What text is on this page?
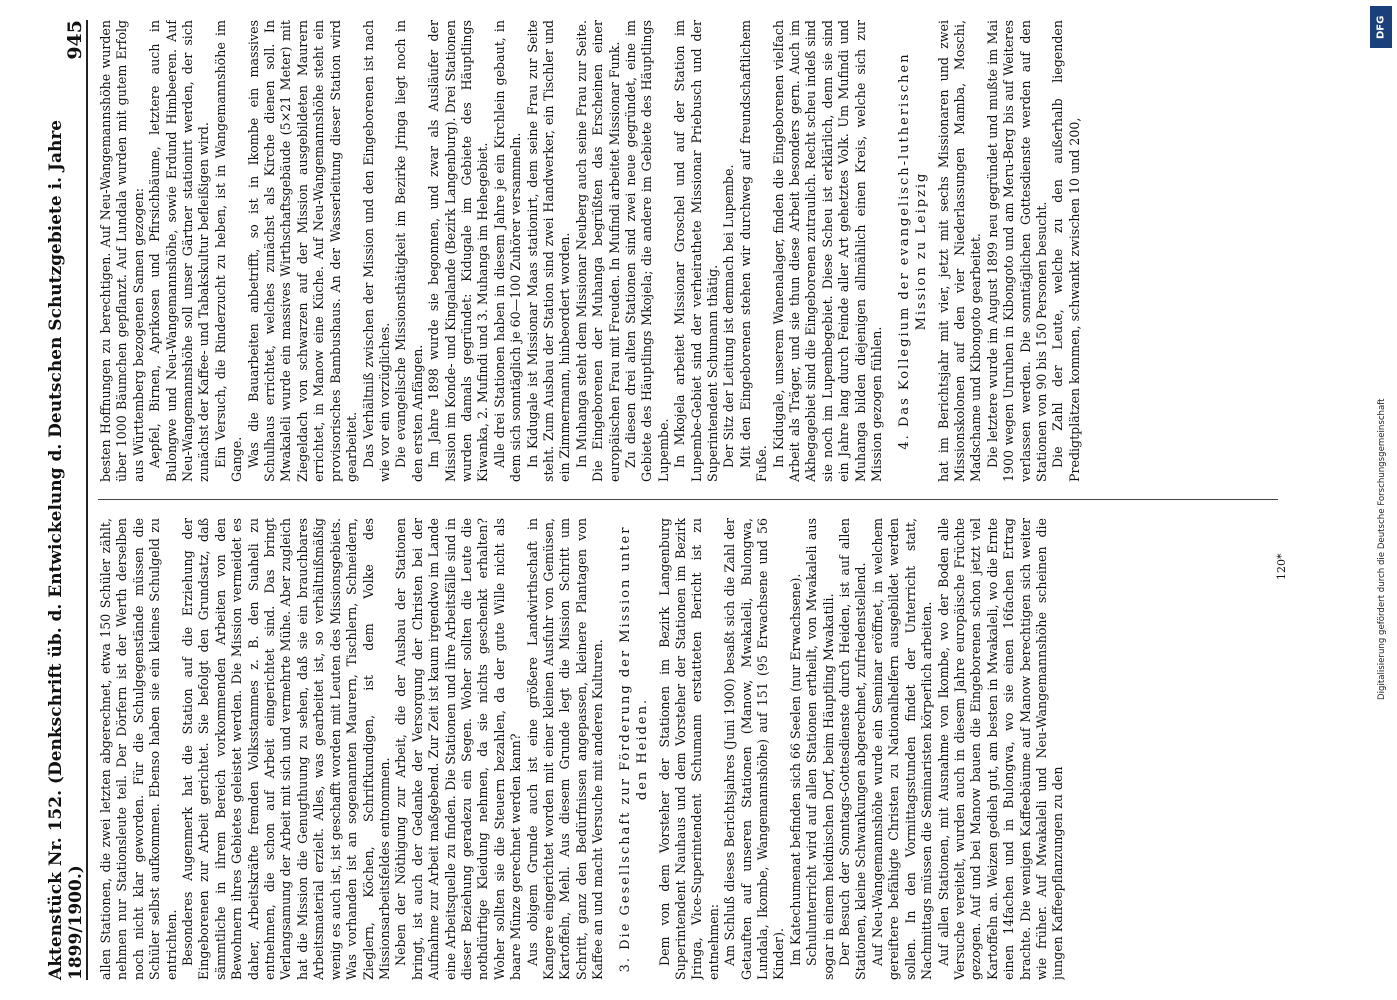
Aktenstück Nr. 152. (Denkschrift üb. d. Entwickelung d. Deutschen Schutzgebiete i. Jahre 1899/1900.)
945

allen Stationen, die zwei letzten abgerechnet, etwa 150 Schüler zählt, nehmen nur Stationsleute teil. Der Dörfern ist der Werth derselben noch nicht klar geworden. Für die Schulgegenstände müssen die Schüler selbst aufkommen. Ebenso haben sie ein kleines Schulgeld zu entrichten. Besonderes Augenmerk hat die Station auf die Erziehung der Eingeborenen zur Arbeit gerichtet. Sie befolgt den Grundsatz, daß sämmtliche in ihrem Bereich vorkommenden Arbeiten von den Bewohnern ihres Gebietes geleistet werden. Die Mission vermeidet es daher, Arbeitskräfte fremden Volksstammes z. B. den Suaheli zu entnehmen, die schon auf Arbeit eingerichtet sind. Das bringt Verlangsamung der Arbeit mit sich und vermehrte Mühe. Aber zugleich hat die Mission die Genugthuung zu sehen, daß sie ein brauchbares Arbeitsmaterial erzielt. Alles, was gearbeitet ist, so verhältnißmäßig wenig es auch ist, ist geschafft worden mit Leuten des Missionsgebiets. Was vorhanden ist an sogenannten Maurern, Tischlern, Schneidern, Zieglern, Köchen, Schriftkundigen, ist dem Volke des Missionsarbeitsfeldes entnommen. Neben der Nöthigung zur Arbeit, die der Ausbau der Stationen bringt, ist auch der Gedanke der Versorgung der Christen bei der Aufnahme zur Arbeit maßgebend. Zur Zeit ist kaum irgendwo im Lande eine Arbeitsquelle zu finden. Die Stationen und ihre Arbeitsfälle sind in dieser Beziehung geradezu ein Segen. Woher sollten die Leute die nothdürftige Kleidung nehmen, da sie nichts geschenkt erhalten? Woher sollten sie die Steuern bezahlen, da der gute Wille nicht als baare Münze gerechnet werden kann? Aus obigem Grunde auch ist eine größere Landwirthschaft in Kangere eingerichtet worden mit einer kleinen Ausfuhr von Gemüsen, Kartoffeln, Mehl. Aus diesem Grunde legt die Mission Schritt um Schritt, ganz den Bedürfnissen angepassen, kleinere Plantagen von Kaffee an und macht Versuche mit anderen Kulturen. 3. Die Gesellschaft zur Förderung der Mission unter den Heiden. Dem von dem Vorsteher der Stationen im Bezirk Langenburg Superintendent Nauhaus und dem Vorsteher der Stationen im Bezirk Jringa, Vice-Superintendent Schumann erstatteten Bericht ist zu entnehmen: Am Schluß dieses Berichtsjahres (Juni 1900) besaßt sich die Zahl der Getauften auf unseren Stationen (Manow, Mwakaleli, Bulongwa, Lundala, Ikombe, Wangemannshöhe) auf 151 (95 Erwachsene und 56 Kinder). Im Katechumenat befinden sich 66 Seelen (nur Erwachsene). Schulunterricht wird auf allen Stationen ertheilt, von Mwakaleli aus sogar in einem heidnischen Dorf, beim Häuptling Mwakatili. Der Besuch der Sonntags-Gottesdienste durch Heiden, ist auf allen Stationen, kleine Schwankungen abgerechnet, zufriedenstellend. Auf Neu-Wangemannshöhe wurde ein Seminar eröffnet, in welchem gereiftere befähigte Christen zu Nationalhelfern ausgebildet werden sollen. In den Vormittagsstunden findet der Unterricht statt, Nachmittags müssen die Seminaristen körperlich arbeiten. Auf allen Stationen, mit Ausnahme von Ikombe, wo der Boden alle Versuche vereitelt, wurden auch in diesem Jahre europäische Früchte gezogen. Auf und bei Manow bauen die Eingeborenen schon jetzt viel Kartoffeln an. Weizen gedieh gut, am besten in Mwakaleli, wo die Ernte einen 14fachen und in Bulongwa, wo sie einen 16fachen Ertrag brachte. Die wenigen Kaffeebäume auf Manow berechtigen sich weiter wie früher. Auf Mwakaleli und Neu-Wangemannshöhe scheinen die jungen Kaffeepflanzungen zu den

besten Hoffnungen zu berechtigen. Auf Neu-Wangemannshöhe wurden über 1000 Bäumchen gepflanzt. Auf Lundala wurden mit gutem Erfolg aus Württemberg bezogenen Samen gezogen: Aepfel, Birnen, Aprikosen und Pfirsichbäume, letztere auch in Bulongwe und Neu-Wangemannshöhe, sowie Erdund Himbeeren. Auf Neu-Wangemannshöhe soll unser Gärtner stationirt werden, der sich zunächst der Kaffee- und Tabakskultur befleißigen wird. Ein Versuch, die Rinderzucht zu heben, ist in Wangemannshöhe im Gange. Was die Bauarbeiten anbetrifft, so ist in Ikombe ein massives Schulhaus errichtet, welches zunächst als Kirche dienen soll. In Mwakaleli wurde ein massives Wirthschaftsgebäude (5×21 Meter) mit Ziegeldach von schwarzen auf der Mission ausgebildeten Maurern errichtet, in Manow eine Küche. Auf Neu-Wangemannshöhe steht ein provisorisches Bambushaus. An der Wasserleitung dieser Station wird gearbeitet. Das Verhältniß zwischen der Mission und den Eingeborenen ist nach wie vor ein vorzügliches. Die evangelische Missionsthätigkeit im Bezirke Jringa liegt noch in den ersten Anfängen. Im Jahre 1898 wurde sie begonnen, und zwar als Ausläufer der Mission im Konde- und Kingalande (Bezirk Langenburg). Drei Stationen wurden damals gegründet: Kidugale im Gebiete des Häuptlings Kiwanka, 2. Mufindi und 3. Muhanga im Hehegebiet. Alle drei Stationen haben in diesem Jahre je ein Kirchlein gebaut, in dem sich sonntäglich je 60—100 Zuhörer versammeln. In Kidugale ist Missionar Maas stationirt, dem seine Frau zur Seite steht. Zum Ausbau der Station sind zwei Handwerker, ein Tischler und ein Zimmermann, hinbeordert worden. In Muhanga steht dem Missionar Neuberg auch seine Frau zur Seite. Die Eingeborenen der Muhanga begrüßten das Erscheinen einer europäischen Frau mit Freuden. In Mufindi arbeitet Missionar Funk. Zu diesen drei alten Stationen sind zwei neue gegründet, eine im Gebiete des Häuptlings Mkojela; die andere im Gebiete des Häuptlings Lupembe. In Mkojela arbeitet Missionar Groschel und auf der Station im Lupembe-Gebiet sind der verheirathete Missionar Priebusch und der Superintendent Schumann thätig. Der Sitz der Leitung ist demnach bei Lupembe. Mit den Eingeborenen stehen wir durchweg auf freundschaftlichem Fuße. In Kidugale, unserem Wanenalager, finden die Eingeborenen vielfach Arbeit als Träger, und sie thun diese Arbeit besonders gern. Auch im Akhegagebiet sind die Eingeborenen zutraulich. Recht scheu indeß sind sie noch im Lupembegebiet. Diese Scheu ist erklärlich, denn sie sind ein Jahre lang durch Feinde aller Art gehetztes Volk. Um Mufindi und Muhanga bilden diejenigen allmählich einen Kreis, welche sich zur Mission gezogen fühlen. 4. Das Kollegium der evangelisch-lutherischen Mission zu Leipzig hat im Berichtsjahr mit vier, jetzt mit sechs Missionaren und zwei Missionskolonen auf den vier Niederlassungen Mamba, Moschi, Madschame und Kibongoto gearbeitet. Die letztere wurde im August 1899 neu gegründet und mußte im Mai 1900 wegen Unruhen in Kibongoto und am Meru-Berg bis auf Weiteres verlassen werden. Die sonntäglichen Gottesdienste werden auf den Stationen von 90 bis 150 Personen besucht. Die Zahl der Leute, welche zu den außerhalb liegenden Predigtplätzen kommen, schwankt zwischen 10 und 200,

120*
DFG
Digitalisierung gefördert durch die Deutsche Forschungsgemeinschaft
